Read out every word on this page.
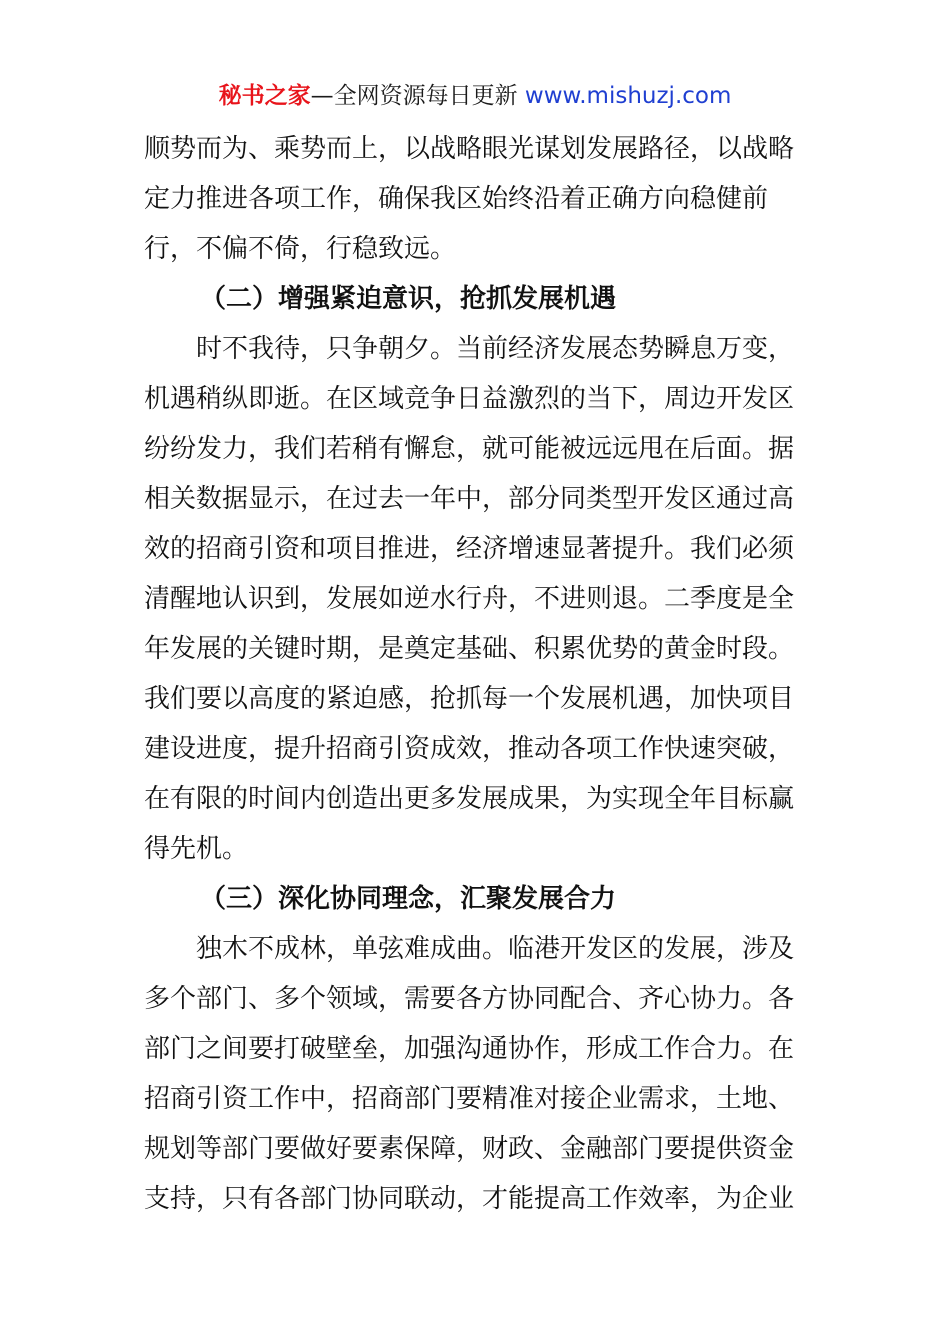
秘书之家—全网资源每日更新 www.mishuzj.com
顺势而为、乘势而上，以战略眼光谋划发展路径，以战略
定力推进各项工作，确保我区始终沿着正确方向稳健前
行，不偏不倚，行稳致远。
（二）增强紧迫意识，抢抓发展机遇
时不我待，只争朝夕。当前经济发展态势瞬息万变，
机遇稍纵即逝。在区域竞争日益激烈的当下，周边开发区
纷纷发力，我们若稍有懈怠，就可能被远远甩在后面。据
相关数据显示，在过去一年中，部分同类型开发区通过高
效的招商引资和项目推进，经济增速显著提升。我们必须
清醒地认识到，发展如逆水行舟，不进则退。二季度是全
年发展的关键时期，是奠定基础、积累优势的黄金时段。
我们要以高度的紧迫感，抢抓每一个发展机遇，加快项目
建设进度，提升招商引资成效，推动各项工作快速突破，
在有限的时间内创造出更多发展成果，为实现全年目标赢
得先机。
（三）深化协同理念，汇聚发展合力
独木不成林，单弦难成曲。临港开发区的发展，涉及
多个部门、多个领域，需要各方协同配合、齐心协力。各
部门之间要打破壁垒，加强沟通协作，形成工作合力。在
招商引资工作中，招商部门要精准对接企业需求，土地、
规划等部门要做好要素保障，财政、金融部门要提供资金
支持，只有各部门协同联动，才能提高工作效率，为企业
